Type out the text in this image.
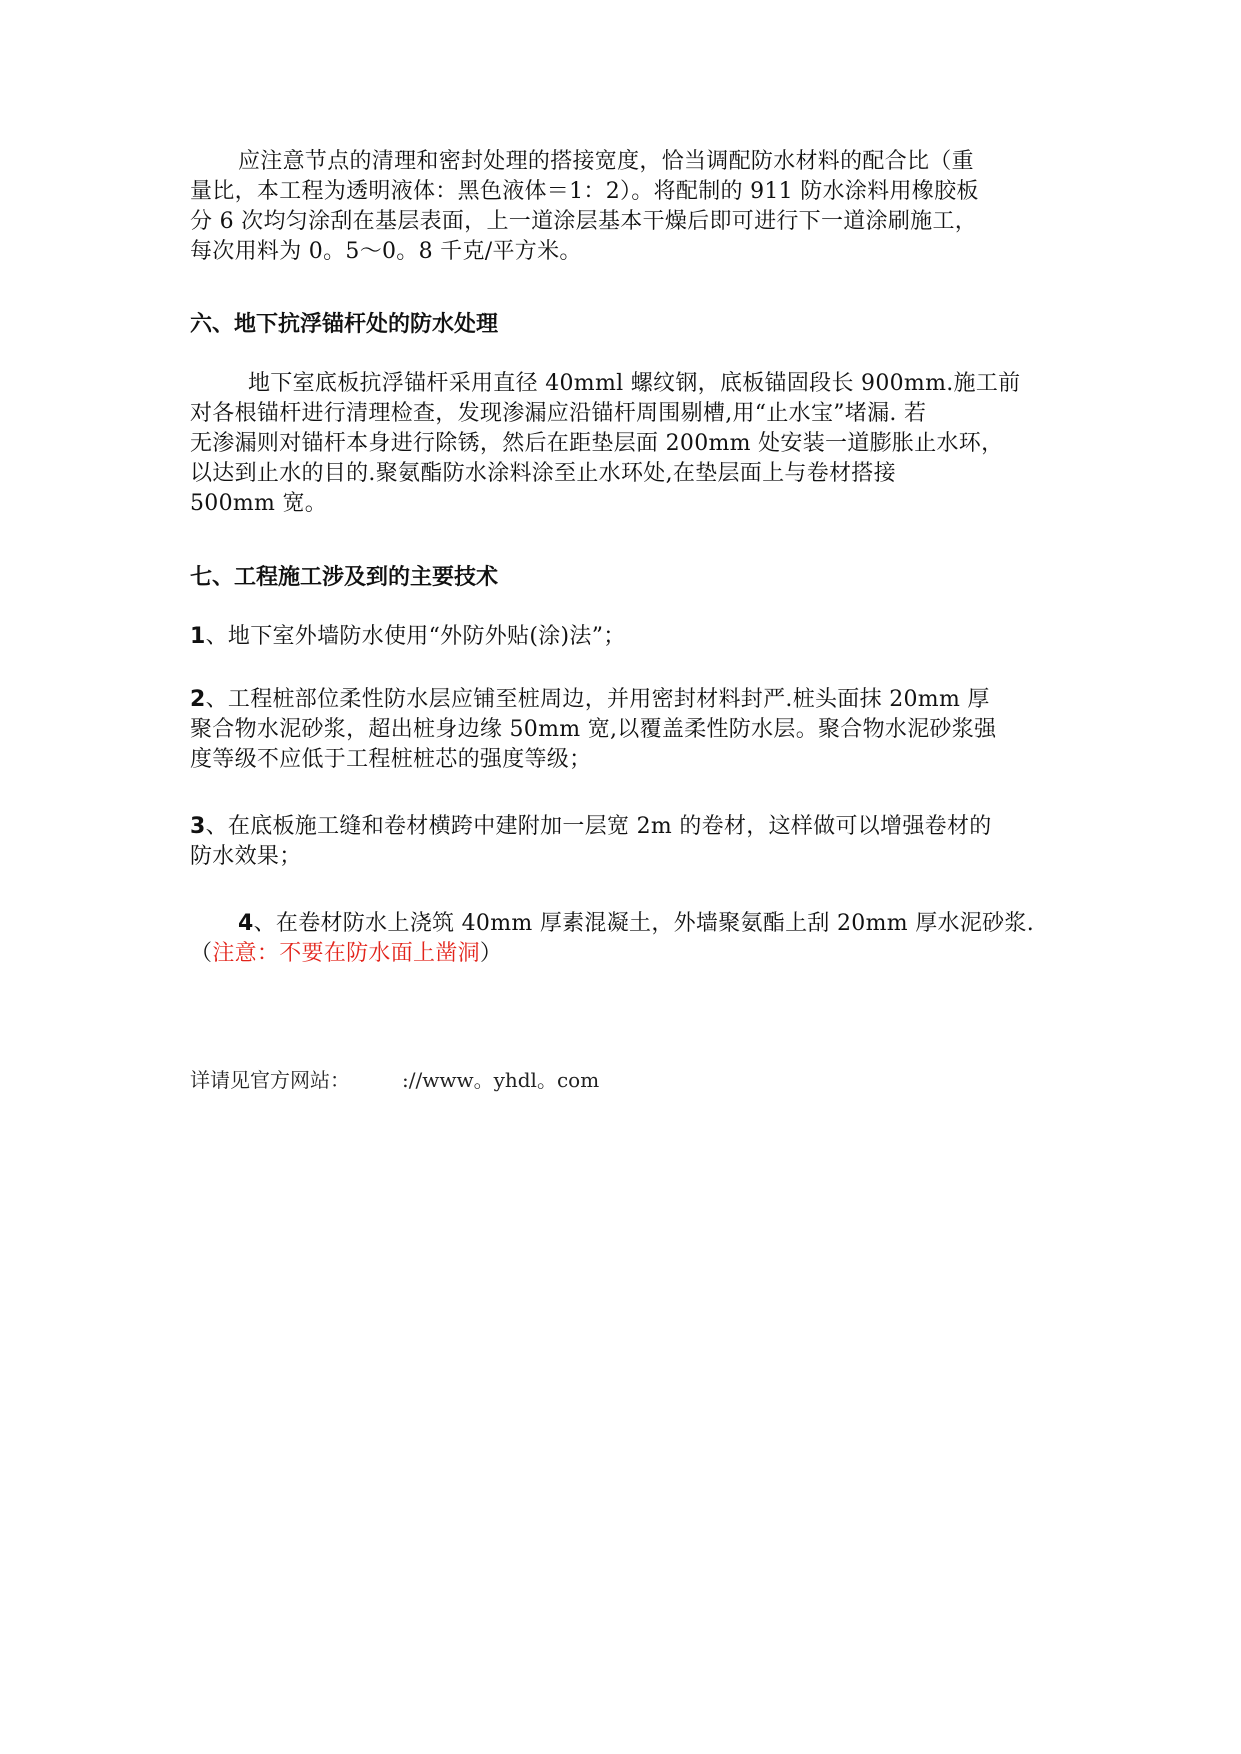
应注意节点的清理和密封处理的搭接宽度，恰当调配防水材料的配合比（重
量比，本工程为透明液体：黑色液体＝1：2）。将配制的 911 防水涂料用橡胶板
分 6 次均匀涂刮在基层表面，上一道涂层基本干燥后即可进行下一道涂刷施工，
每次用料为 0。5～0。8 千克/平方米。
六、地下抗浮锚杆处的防水处理
地下室底板抗浮锚杆采用直径 40mml 螺纹钢，底板锚固段长 900mm.施工前
对各根锚杆进行清理检查，发现渗漏应沿锚杆周围剔槽,用“止水宝”堵漏. 若
无渗漏则对锚杆本身进行除锈，然后在距垫层面 200mm 处安装一道膨胀止水环，
以达到止水的目的.聚氨酯防水涂料涂至止水环处,在垫层面上与卷材搭接
500mm 宽。
七、工程施工涉及到的主要技术
1、地下室外墙防水使用“外防外贴(涂)法”；
2、工程桩部位柔性防水层应铺至桩周边，并用密封材料封严.桩头面抹 20mm 厚
聚合物水泥砂浆，超出桩身边缘 50mm 宽,以覆盖柔性防水层。聚合物水泥砂浆强
度等级不应低于工程桩桩芯的强度等级；
3、在底板施工缝和卷材横跨中建附加一层宽 2m 的卷材，这样做可以增强卷材的
防水效果；
4、在卷材防水上浇筑 40mm 厚素混凝土，外墙聚氨酯上刮 20mm 厚水泥砂浆.
（注意：不要在防水面上凿洞）
详请见官方网站：	://www。yhdl。com
